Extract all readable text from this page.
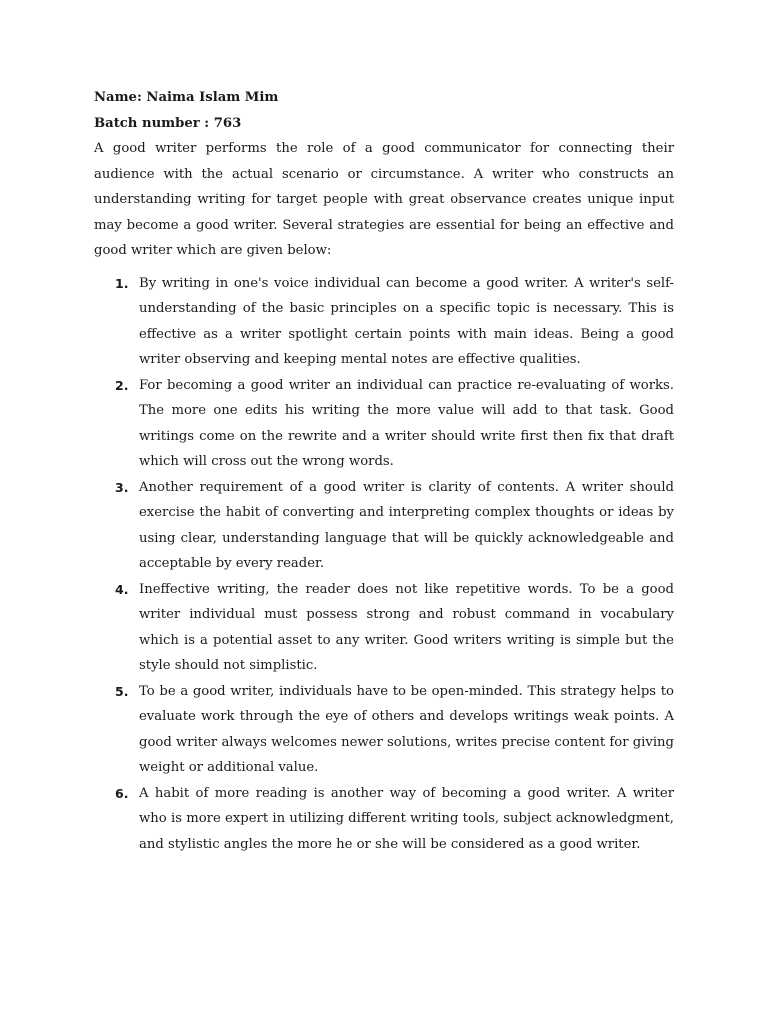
Name: Naima Islam Mim

Batch number : 763

A good writer performs the role of a good communicator for connecting their audience with the actual scenario or circumstance. A writer who constructs an understanding writing for target people with great observance creates unique input may become a good writer. Several strategies are essential for being an effective and good writer which are given below:

1. By writing in one's voice individual can become a good writer. A writer's self-understanding of the basic principles on a specific topic is necessary. This is effective as a writer spotlight certain points with main ideas. Being a good writer observing and keeping mental notes are effective qualities.
2. For becoming a good writer an individual can practice re-evaluating of works. The more one edits his writing the more value will add to that task. Good writings come on the rewrite and a writer should write first then fix that draft which will cross out the wrong words.
3. Another requirement of a good writer is clarity of contents. A writer should exercise the habit of converting and interpreting complex thoughts or ideas by using clear, understanding language that will be quickly acknowledgeable and acceptable by every reader.
4. Ineffective writing, the reader does not like repetitive words. To be a good writer individual must possess strong and robust command in vocabulary which is a potential asset to any writer. Good writers writing is simple but the style should not simplistic.
5. To be a good writer, individuals have to be open-minded. This strategy helps to evaluate work through the eye of others and develops writings weak points. A good writer always welcomes newer solutions, writes precise content for giving weight or additional value.
6. A habit of more reading is another way of becoming a good writer. A writer who is more expert in utilizing different writing tools, subject acknowledgment, and stylistic angles the more he or she will be considered as a good writer.
